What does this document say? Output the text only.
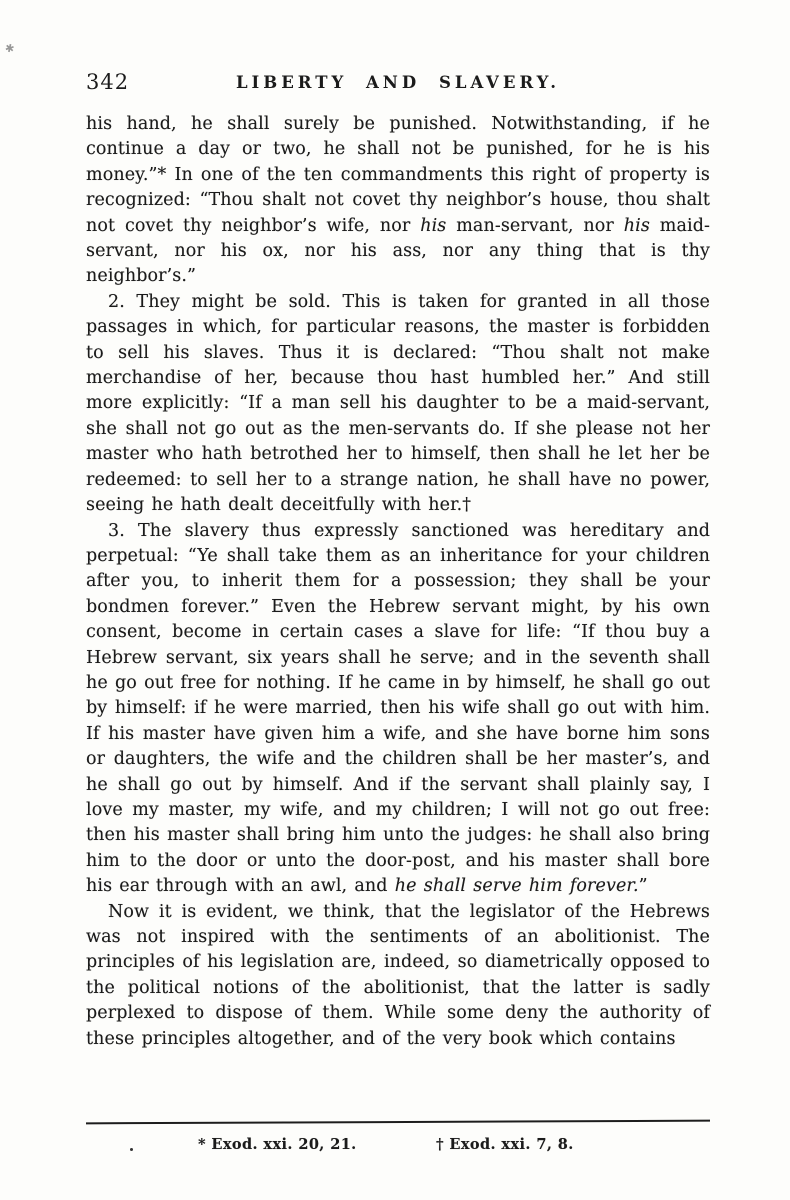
✱
342	LIBERTY AND SLAVERY.

his hand, he shall surely be punished. Notwithstanding, if he continue a day or two, he shall not be punished, for he is his money.”* In one of the ten commandments this right of property is recognized: “Thou shalt not covet thy neighbor’s house, thou shalt not covet thy neighbor’s wife, nor his man-servant, nor his maid-servant, nor his ox, nor his ass, nor any thing that is thy neighbor’s.”

2. They might be sold. This is taken for granted in all those passages in which, for particular reasons, the master is forbidden to sell his slaves. Thus it is declared: “Thou shalt not make merchandise of her, because thou hast humbled her.” And still more explicitly: “If a man sell his daughter to be a maid-servant, she shall not go out as the men-servants do. If she please not her master who hath betrothed her to himself, then shall he let her be redeemed: to sell her to a strange nation, he shall have no power, seeing he hath dealt deceitfully with her.†

3. The slavery thus expressly sanctioned was hereditary and perpetual: “Ye shall take them as an inheritance for your children after you, to inherit them for a possession; they shall be your bondmen forever.” Even the Hebrew servant might, by his own consent, become in certain cases a slave for life: “If thou buy a Hebrew servant, six years shall he serve; and in the seventh shall he go out free for nothing. If he came in by himself, he shall go out by himself: if he were married, then his wife shall go out with him. If his master have given him a wife, and she have borne him sons or daughters, the wife and the children shall be her master’s, and he shall go out by himself. And if the servant shall plainly say, I love my master, my wife, and my children; I will not go out free: then his master shall bring him unto the judges: he shall also bring him to the door or unto the door-post, and his master shall bore his ear through with an awl, and he shall serve him forever.”

Now it is evident, we think, that the legislator of the Hebrews was not inspired with the sentiments of an abolitionist. The principles of his legislation are, indeed, so diametrically opposed to the political notions of the abolitionist, that the latter is sadly perplexed to dispose of them. While some deny the authority of these principles altogether, and of the very book which contains

* Exod. xxi. 20, 21.	† Exod. xxi. 7, 8.
